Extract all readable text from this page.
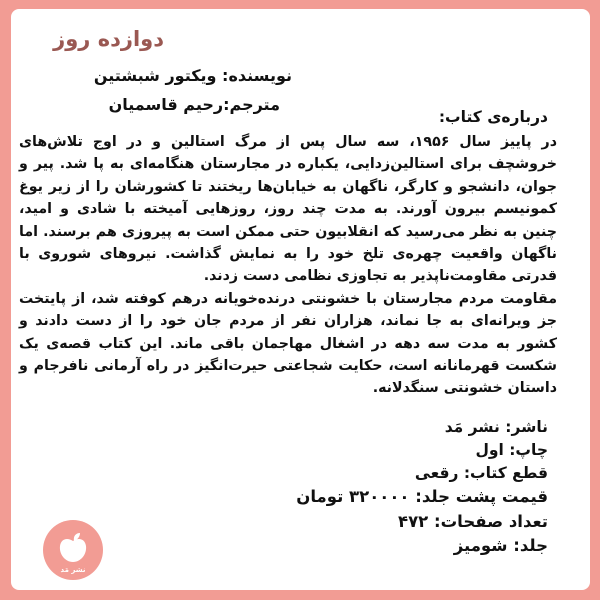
دوازده روز
نویسنده: ویکتور شبشتین
مترجم:رحیم قاسمیان
درباره‌ی کتاب:

در پاییز سال ۱۹۵۶، سه سال پس از مرگ استالین و در اوج تلاش‌های خروشچف برای استالین‌زدایی، یکباره در مجارستان هنگامه‌ای به پا شد. پیر و جوان، دانشجو و کارگر، ناگهان به خیابان‌ها ریختند تا کشورشان را از زیر یوغ کمونیسم بیرون آورند. به مدت چند روز، روزهایی آمیخته با شادی و امید، چنین به نظر می‌رسید که انقلابیون حتی ممکن است به پیروزی هم برسند. اما ناگهان واقعیت چهره‌ی تلخ خود را به نمایش گذاشت. نیروهای شوروی با قدرتی مقاومت‌ناپذیر به تجاوزی نظامی دست زدند.

مقاومت مردم مجارستان با خشونتی درنده‌خویانه درهم کوفته شد، از پایتخت جز ویرانه‌ای به جا نماند، هزاران نفر از مردم جان خود را از دست دادند و کشور به مدت سه دهه در اشغال مهاجمان باقی ماند. این کتاب قصه‌ی یک شکست قهرمانانه است، حکایت شجاعتی حیرت‌انگیز در راه آرمانی نافرجام و داستان خشونتی سنگدلانه.

ناشر: نشر مَد
چاپ: اول
قطع کتاب: رقعی
قیمت پشت جلد: ۳۲۰۰۰۰ تومان
تعداد صفحات: ۴۷۲
جلد: شومیز
نشر مَد
